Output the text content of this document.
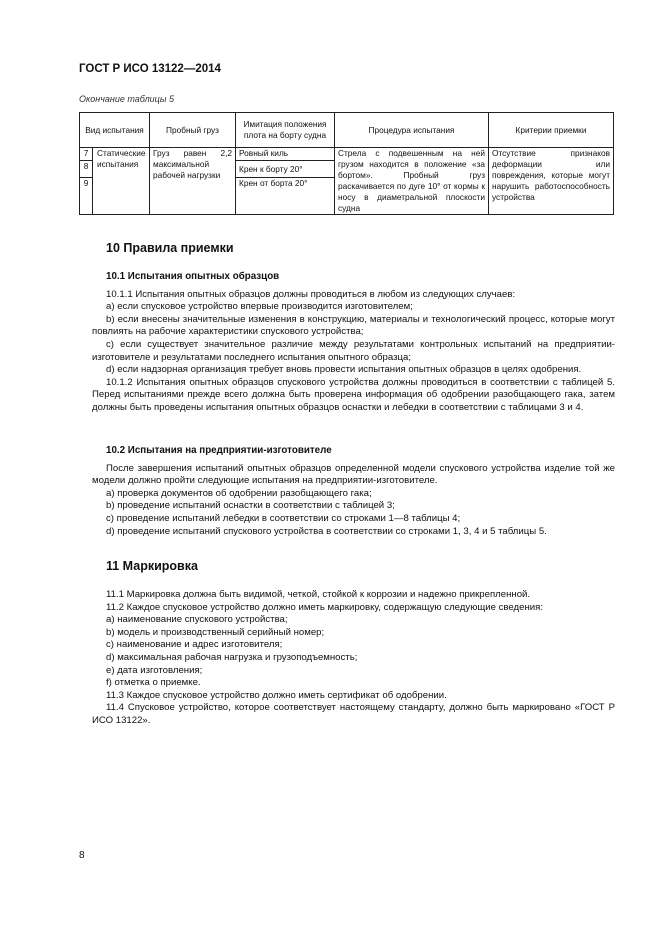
ГОСТ Р ИСО 13122—2014
Окончание таблицы 5
Вид испытания		Пробный груз	Имитация положения плота на борту судна	Процедура испытания	Критерии приемки
7	Статические испытания	Груз равен 2,2 максимальной рабочей нагрузки	Ровный киль	Стрела с подвешенным на ней грузом находится в положение «за бортом». Пробный груз раскачивается по дуге 10° от кормы к носу в диаметральной плоскости судна	Отсутствие признаков деформации или повреждения, которые могут нарушить работоспособность устройства
8			Крен к борту 20°		
9			Крен от борта 20°		
10 Правила приемки
10.1 Испытания опытных образцов
10.1.1 Испытания опытных образцов должны проводиться в любом из следующих случаев:
а) если спусковое устройство впервые производится изготовителем;
b) если внесены значительные изменения в конструкцию, материалы и технологический процесс, которые могут повлиять на рабочие характеристики спускового устройства;
c) если существует значительное различие между результатами контрольных испытаний на предприятии-изготовителе и результатами последнего испытания опытного образца;
d) если надзорная организация требует вновь провести испытания опытных образцов в целях одобрения.
10.1.2 Испытания опытных образцов спускового устройства должны проводиться в соответствии с таблицей 5. Перед испытаниями прежде всего должна быть проверена информация об одобрении разобщающего гака, затем должны быть проведены испытания опытных образцов оснастки и лебедки в соответствии с таблицами 3 и 4.
10.2 Испытания на предприятии-изготовителе
После завершения испытаний опытных образцов определенной модели спускового устройства изделие той же модели должно пройти следующие испытания на предприятии-изготовителе.
а) проверка документов об одобрении разобщающего гака;
b) проведение испытаний оснастки в соответствии с таблицей 3;
c) проведение испытаний лебедки в соответствии со строками 1—8 таблицы 4;
d) проведение испытаний спускового устройства в соответствии со строками 1, 3, 4 и 5 таблицы 5.
11 Маркировка
11.1 Маркировка должна быть видимой, четкой, стойкой к коррозии и надежно прикрепленной.
11.2 Каждое спусковое устройство должно иметь маркировку, содержащую следующие сведения:
а) наименование спускового устройства;
b) модель и производственный серийный номер;
c) наименование и адрес изготовителя;
d) максимальная рабочая нагрузка и грузоподъемность;
e) дата изготовления;
f) отметка о приемке.
11.3 Каждое спусковое устройство должно иметь сертификат об одобрении.
11.4 Спусковое устройство, которое соответствует настоящему стандарту, должно быть маркировано «ГОСТ Р ИСО 13122».
8
